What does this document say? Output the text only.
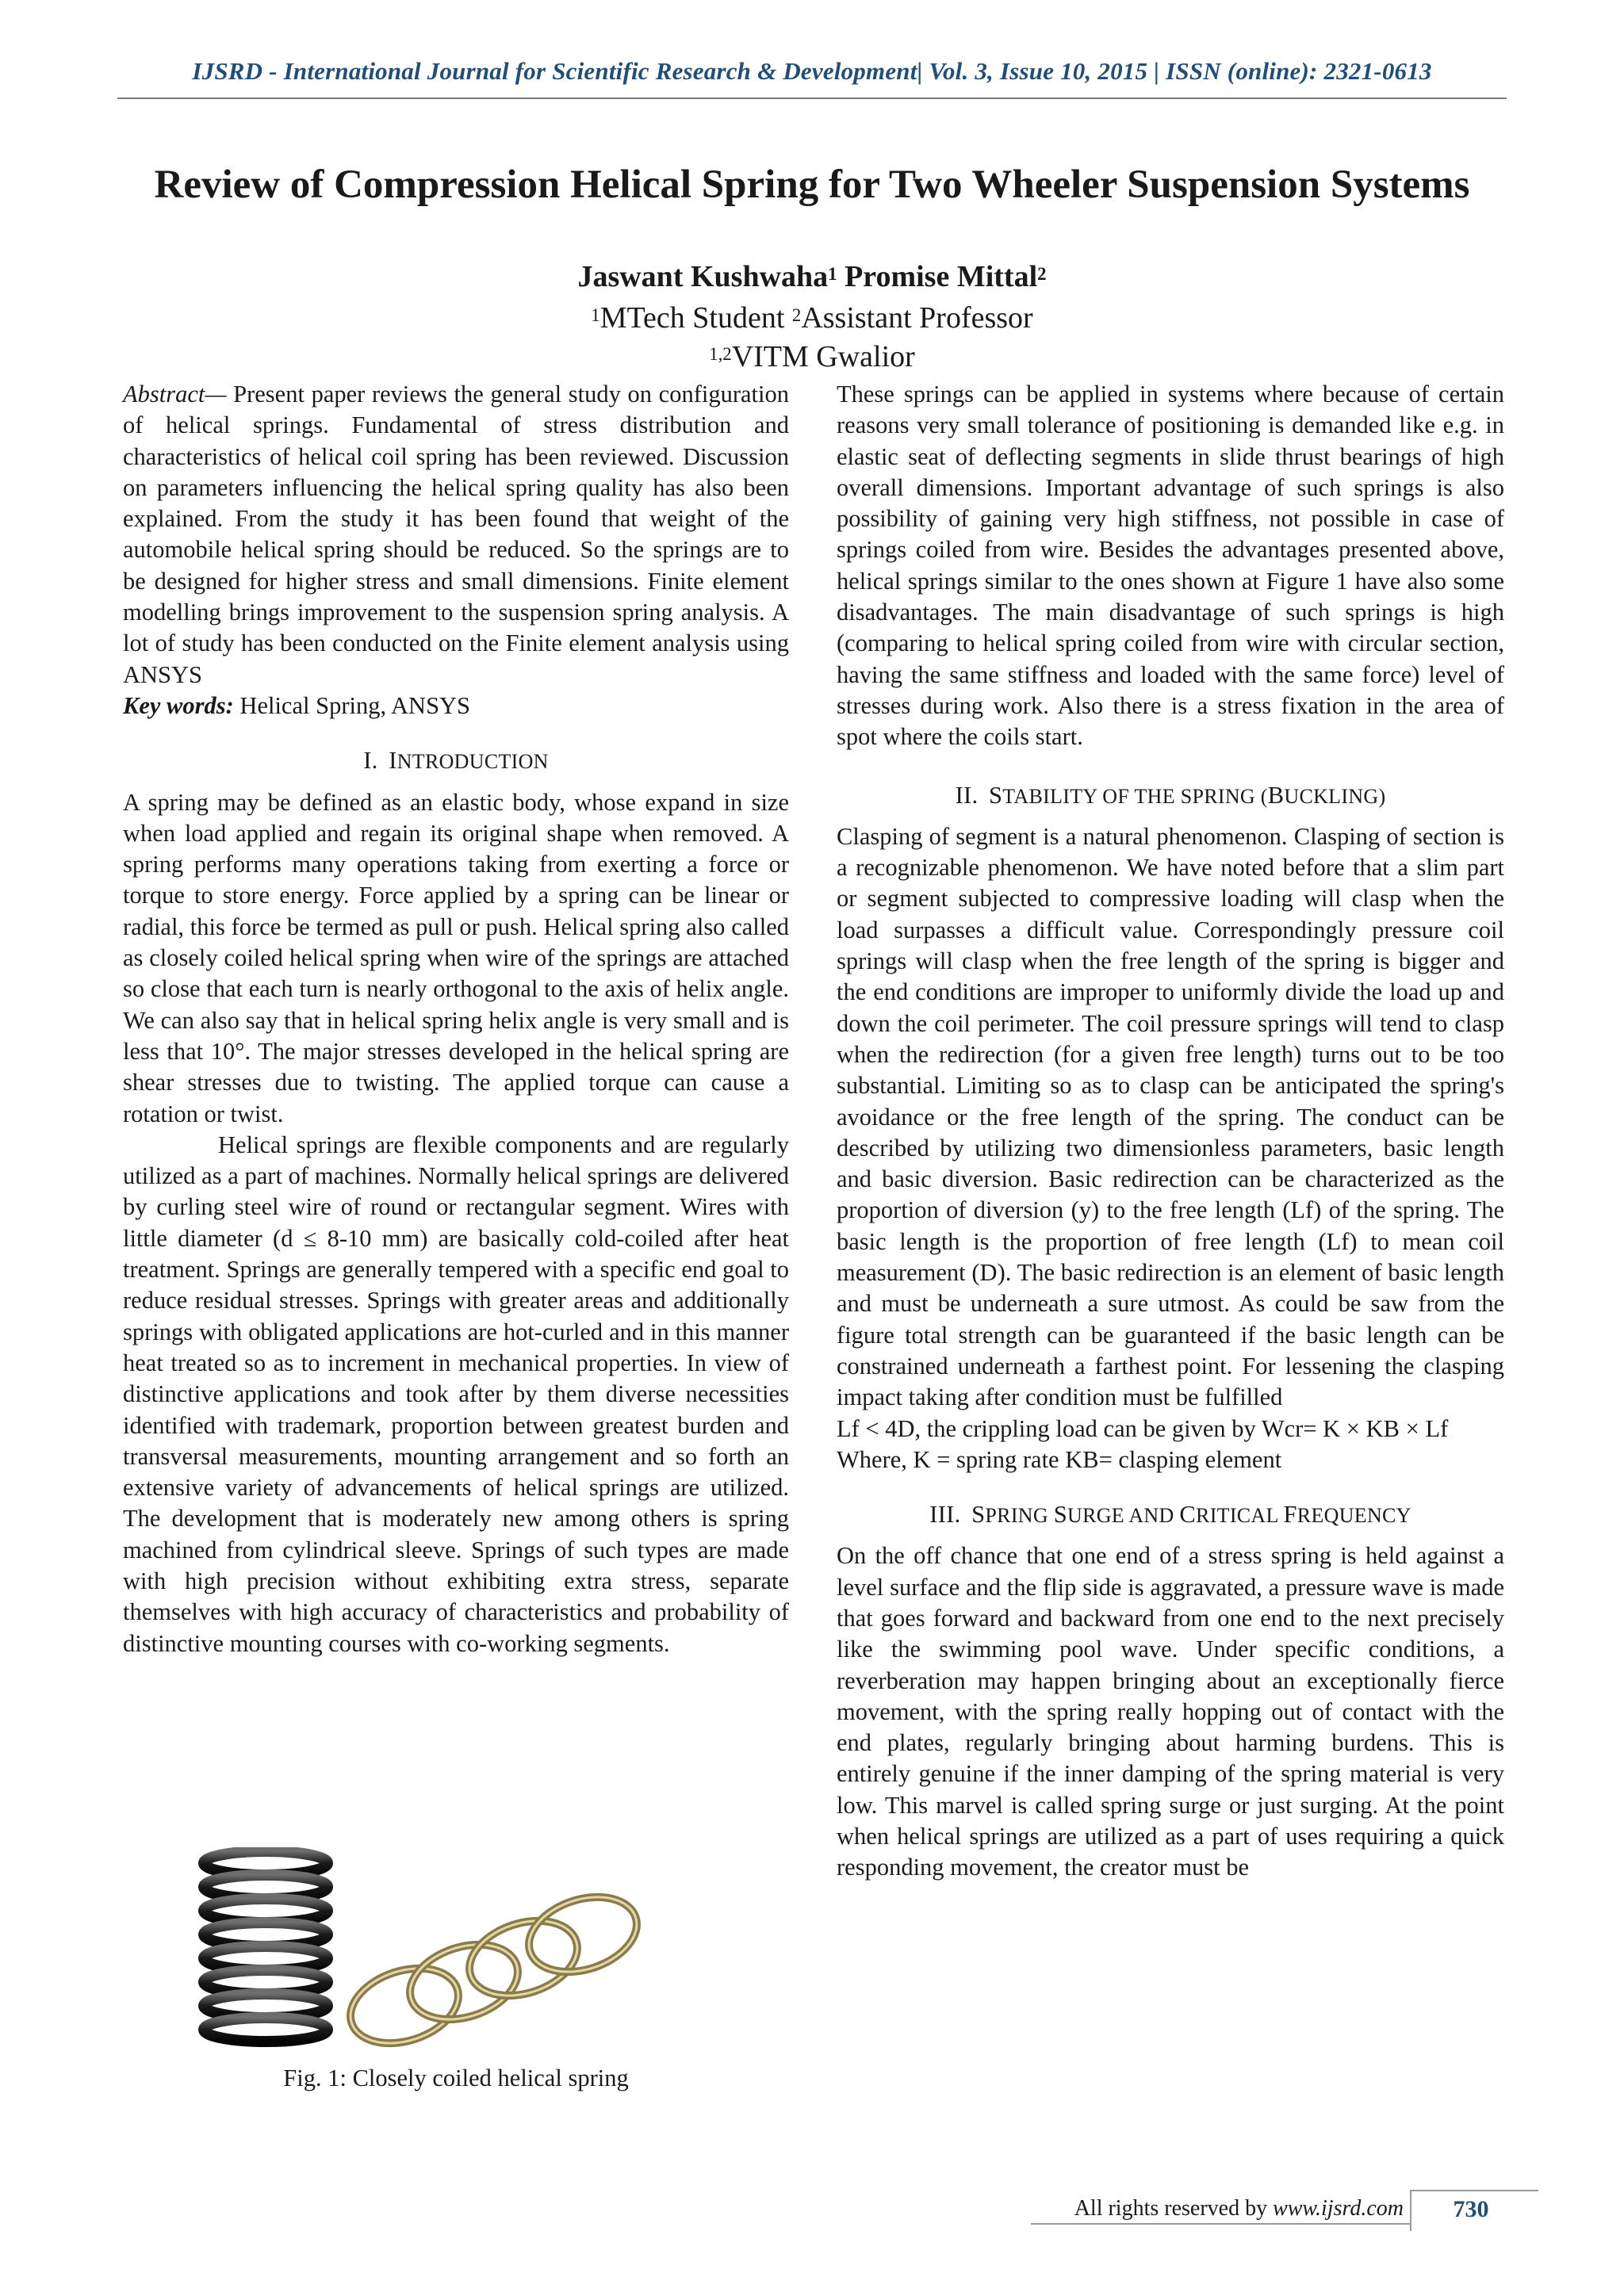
IJSRD - International Journal for Scientific Research & Development| Vol. 3, Issue 10, 2015 | ISSN (online): 2321-0613
Review of Compression Helical Spring for Two Wheeler Suspension Systems
Jaswant Kushwaha$^1$ Promise Mittal$^2$
$^1$MTech Student $^2$Assistant Professor
$^{1,2}$VITM Gwalior

Abstract— Present paper reviews the general study on configuration of helical springs. Fundamental of stress distribution and characteristics of helical coil spring has been reviewed. Discussion on parameters influencing the helical spring quality has also been explained. From the study it has been found that weight of the automobile helical spring should be reduced. So the springs are to be designed for higher stress and small dimensions. Finite element modelling brings improvement to the suspension spring analysis. A lot of study has been conducted on the Finite element analysis using ANSYS

Key words: Helical Spring, ANSYS

I. INTRODUCTION

A spring may be defined as an elastic body, whose expand in size when load applied and regain its original shape when removed. A spring performs many operations taking from exerting a force or torque to store energy. Force applied by a spring can be linear or radial, this force be termed as pull or push. Helical spring also called as closely coiled helical spring when wire of the springs are attached so close that each turn is nearly orthogonal to the axis of helix angle. We can also say that in helical spring helix angle is very small and is less that 10°. The major stresses developed in the helical spring are shear stresses due to twisting. The applied torque can cause a rotation or twist.

Helical springs are flexible components and are regularly utilized as a part of machines. Normally helical springs are delivered by curling steel wire of round or rectangular segment. Wires with little diameter (d ≤ 8-10 mm) are basically cold-coiled after heat treatment. Springs are generally tempered with a specific end goal to reduce residual stresses. Springs with greater areas and additionally springs with obligated applications are hot-curled and in this manner heat treated so as to increment in mechanical properties. In view of distinctive applications and took after by them diverse necessities identified with trademark, proportion between greatest burden and transversal measurements, mounting arrangement and so forth an extensive variety of advancements of helical springs are utilized. The development that is moderately new among others is spring machined from cylindrical sleeve. Springs of such types are made with high precision without exhibiting extra stress, separate themselves with high accuracy of characteristics and probability of distinctive mounting courses with co-working segments.

Fig. 1: Closely coiled helical spring

These springs can be applied in systems where because of certain reasons very small tolerance of positioning is demanded like e.g. in elastic seat of deflecting segments in slide thrust bearings of high overall dimensions. Important advantage of such springs is also possibility of gaining very high stiffness, not possible in case of springs coiled from wire. Besides the advantages presented above, helical springs similar to the ones shown at Figure 1 have also some disadvantages. The main disadvantage of such springs is high (comparing to helical spring coiled from wire with circular section, having the same stiffness and loaded with the same force) level of stresses during work. Also there is a stress fixation in the area of spot where the coils start.

II. STABILITY OF THE SPRING (BUCKLING)

Clasping of segment is a natural phenomenon. Clasping of section is a recognizable phenomenon. We have noted before that a slim part or segment subjected to compressive loading will clasp when the load surpasses a difficult value. Correspondingly pressure coil springs will clasp when the free length of the spring is bigger and the end conditions are improper to uniformly divide the load up and down the coil perimeter. The coil pressure springs will tend to clasp when the redirection (for a given free length) turns out to be too substantial. Limiting so as to clasp can be anticipated the spring's avoidance or the free length of the spring. The conduct can be described by utilizing two dimensionless parameters, basic length and basic diversion. Basic redirection can be characterized as the proportion of diversion (y) to the free length (Lf) of the spring. The basic length is the proportion of free length (Lf) to mean coil measurement (D). The basic redirection is an element of basic length and must be underneath a sure utmost. As could be saw from the figure total strength can be guaranteed if the basic length can be constrained underneath a farthest point. For lessening the clasping impact taking after condition must be fulfilled

Lf < 4D, the crippling load can be given by Wcr= K × KB × Lf

Where, K = spring rate KB= clasping element

III. SPRING SURGE AND CRITICAL FREQUENCY

On the off chance that one end of a stress spring is held against a level surface and the flip side is aggravated, a pressure wave is made that goes forward and backward from one end to the next precisely like the swimming pool wave. Under specific conditions, a reverberation may happen bringing about an exceptionally fierce movement, with the spring really hopping out of contact with the end plates, regularly bringing about harming burdens. This is entirely genuine if the inner damping of the spring material is very low. This marvel is called spring surge or just surging. At the point when helical springs are utilized as a part of uses requiring a quick responding movement, the creator must be

All rights reserved by www.ijsrd.com	730
